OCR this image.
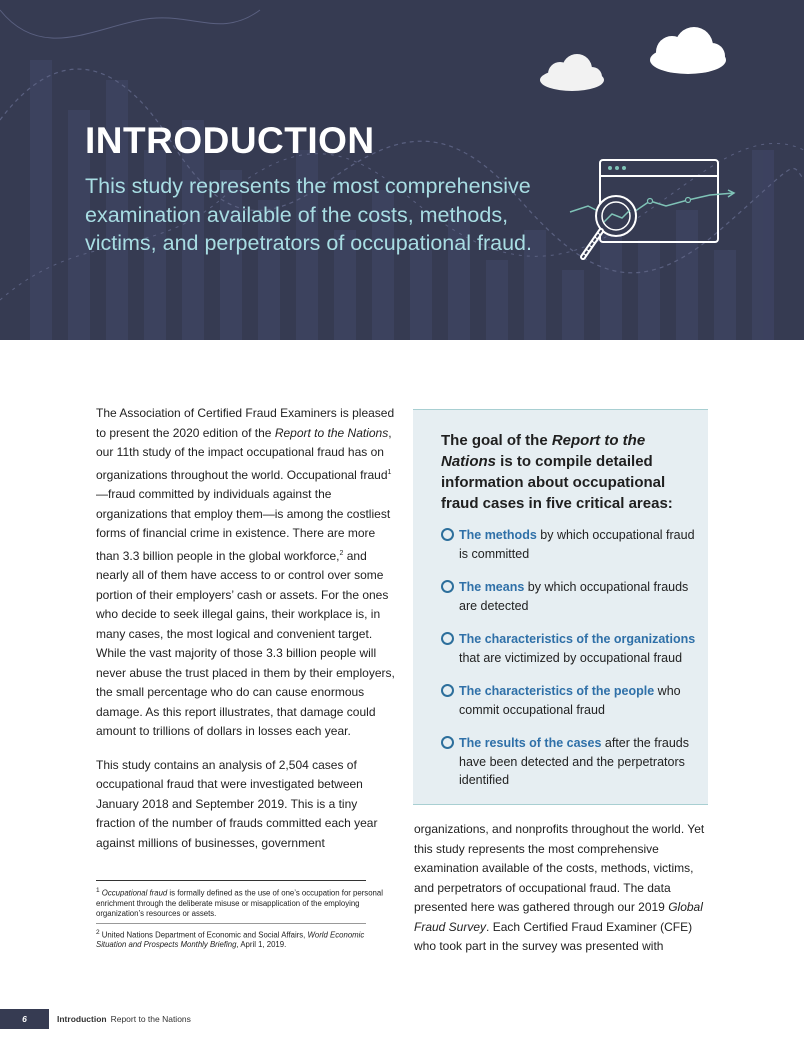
INTRODUCTION

This study represents the most comprehensive examination available of the costs, methods, victims, and perpetrators of occupational fraud.

The Association of Certified Fraud Examiners is pleased to present the 2020 edition of the Report to the Nations, our 11th study of the impact occupational fraud has on organizations throughout the world. Occupational fraud$^1$—fraud committed by individuals against the organizations that employ them—is among the costliest forms of financial crime in existence. There are more than 3.3 billion people in the global workforce,$^2$ and nearly all of them have access to or control over some portion of their employers’ cash or assets. For the ones who decide to seek illegal gains, their workplace is, in many cases, the most logical and convenient target. While the vast majority of those 3.3 billion people will never abuse the trust placed in them by their employers, the small percentage who do can cause enormous damage. As this report illustrates, that damage could amount to trillions of dollars in losses each year.

This study contains an analysis of 2,504 cases of occupational fraud that were investigated between January 2018 and September 2019. This is a tiny fraction of the number of frauds committed each year against millions of businesses, government

The goal of the Report to the Nations is to compile detailed information about occupational fraud cases in five critical areas:
The methods by which occupational fraud is committed
The means by which occupational frauds are detected
The characteristics of the organizations that are victimized by occupational fraud
The characteristics of the people who commit occupational fraud
The results of the cases after the frauds have been detected and the perpetrators identified

organizations, and nonprofits throughout the world. Yet this study represents the most comprehensive examination available of the costs, methods, victims, and perpetrators of occupational fraud. The data presented here was gathered through our 2019 Global Fraud Survey. Each Certified Fraud Examiner (CFE) who took part in the survey was presented with

$^1$ Occupational fraud is formally defined as the use of one’s occupation for personal enrichment through the deliberate misuse or misapplication of the employing organization’s resources or assets.

$^2$ United Nations Department of Economic and Social Affairs, World Economic Situation and Prospects Monthly Briefing, April 1, 2019.

6	Introduction Report to the Nations
